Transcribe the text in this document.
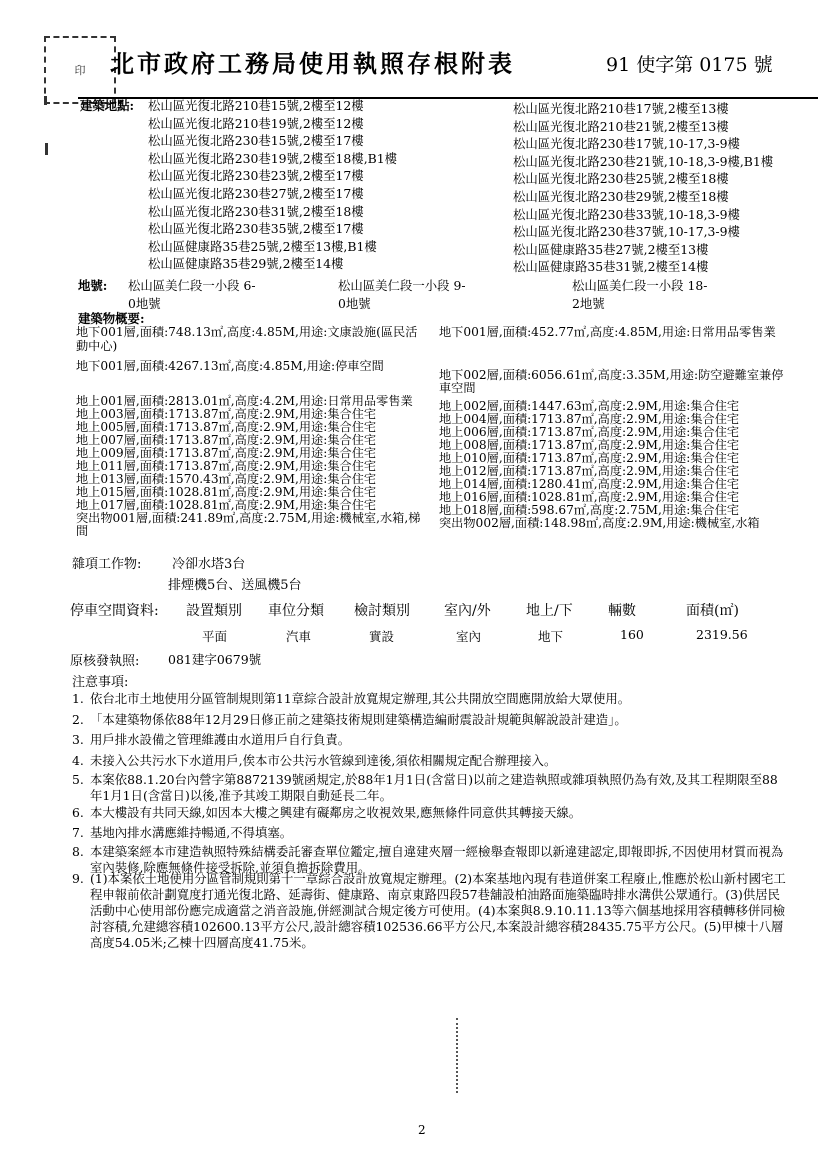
印 北市政府工務局使用執照存根附表	91 使字第 0175 號
建築地點: 松山區光復北路210巷15號,2樓至12樓
松山區光復北路210巷19號,2樓至12樓
松山區光復北路230巷15號,2樓至17樓
松山區光復北路230巷19號,2樓至18樓,B1樓
松山區光復北路230巷23號,2樓至17樓
松山區光復北路230巷27號,2樓至17樓
松山區光復北路230巷31號,2樓至18樓
松山區光復北路230巷35號,2樓至17樓
松山區健康路35巷25號,2樓至13樓,B1樓
松山區健康路35巷29號,2樓至14樓
松山區光復北路210巷17號,2樓至13樓
松山區光復北路210巷21號,2樓至13樓
松山區光復北路230巷17號,10-17,3-9樓
松山區光復北路230巷21號,10-18,3-9樓,B1樓
松山區光復北路230巷25號,2樓至18樓
松山區光復北路230巷29號,2樓至18樓
松山區光復北路230巷33號,10-18,3-9樓
松山區光復北路230巷37號,10-17,3-9樓
松山區健康路35巷27號,2樓至13樓
松山區健康路35巷31號,2樓至14樓
地號: 松山區美仁段一小段 6-
0地號
松山區美仁段一小段 9-
0地號
松山區美仁段一小段 18-
2地號
建築物概要:
地下001層,面積:748.13㎡,高度:4.85M,用途:文康設施(區民活
動中心)
地下001層,面積:4267.13㎡,高度:4.85M,用途:停車空間
地上001層,面積:2813.01㎡,高度:4.2M,用途:日常用品零售業
地上003層,面積:1713.87㎡,高度:2.9M,用途:集合住宅
地上005層,面積:1713.87㎡,高度:2.9M,用途:集合住宅
地上007層,面積:1713.87㎡,高度:2.9M,用途:集合住宅
地上009層,面積:1713.87㎡,高度:2.9M,用途:集合住宅
地上011層,面積:1713.87㎡,高度:2.9M,用途:集合住宅
地上013層,面積:1570.43㎡,高度:2.9M,用途:集合住宅
地上015層,面積:1028.81㎡,高度:2.9M,用途:集合住宅
地上017層,面積:1028.81㎡,高度:2.9M,用途:集合住宅
突出物001層,面積:241.89㎡,高度:2.75M,用途:機械室,水箱,梯
間
地下001層,面積:452.77㎡,高度:4.85M,用途:日常用品零售業
地下002層,面積:6056.61㎡,高度:3.35M,用途:防空避難室兼停
車空間
地上002層,面積:1447.63㎡,高度:2.9M,用途:集合住宅
地上004層,面積:1713.87㎡,高度:2.9M,用途:集合住宅
地上006層,面積:1713.87㎡,高度:2.9M,用途:集合住宅
地上008層,面積:1713.87㎡,高度:2.9M,用途:集合住宅
地上010層,面積:1713.87㎡,高度:2.9M,用途:集合住宅
地上012層,面積:1713.87㎡,高度:2.9M,用途:集合住宅
地上014層,面積:1280.41㎡,高度:2.9M,用途:集合住宅
地上016層,面積:1028.81㎡,高度:2.9M,用途:集合住宅
地上018層,面積:598.67㎡,高度:2.75M,用途:集合住宅
突出物002層,面積:148.98㎡,高度:2.9M,用途:機械室,水箱
雜項工作物: 冷卻水塔3台
排煙機5台、送風機5台
停車空間資料: 設置類別 車位分類 檢討類別 室內/外	地上/下	輛數	面積(㎡)
平面	汽車	實設	室內	地下	160	2319.56
原核發執照: 081建字0679號
注意事項:
1. 依台北市土地使用分區管制規則第11章綜合設計放寬規定辦理,其公共開放空間應開放給大眾使用。
2. 「本建築物係依88年12月29日修正前之建築技術規則建築構造編耐震設計規範與解說設計建造」。
3. 用戶排水設備之管理維護由水道用戶自行負責。
4. 未接入公共污水下水道用戶,俟本市公共污水管線到達後,須依相關規定配合辦理接入。
5. 本案依88.1.20台內營字第8872139號函規定,於88年1月1日(含當日)以前之建造執照或雜項執照仍為有效,及其工程期限至88年1月1日(含當日)以後,准予其竣工期限自動延長二年。
6. 本大樓設有共同天線,如因本大樓之興建有礙鄰房之收視效果,應無條件同意供其轉接天線。
7. 基地內排水溝應維持暢通,不得填塞。
8. 本建築案經本市建造執照特殊結構委託審查單位鑑定,擅自違建夾層一經檢舉查報即以新違建認定,即報即拆,不因使用材質而視為室內裝修,除應無條件接受拆除,並須負擔拆除費用。
9. (1)本案依土地使用分區管制規則第十一章綜合設計放寬規定辦理。(2)本案基地內現有巷道併案工程廢止,惟應於松山新村國宅工程申報前依計劃寬度打通光復北路、延壽街、健康路、南京東路四段57巷舖設柏油路面施築臨時排水溝供公眾通行。(3)供居民活動中心使用部份應完成適當之消音設施,併經測試合規定後方可使用。(4)本案與8.9.10.11.13等六個基地採用容積轉移併同檢討容積,允建總容積102600.13平方公尺,設計總容積102536.66平方公尺,本案設計總容積28435.75平方公尺。(5)甲棟十八層高度54.05米;乙棟十四層高度41.75米。
2
